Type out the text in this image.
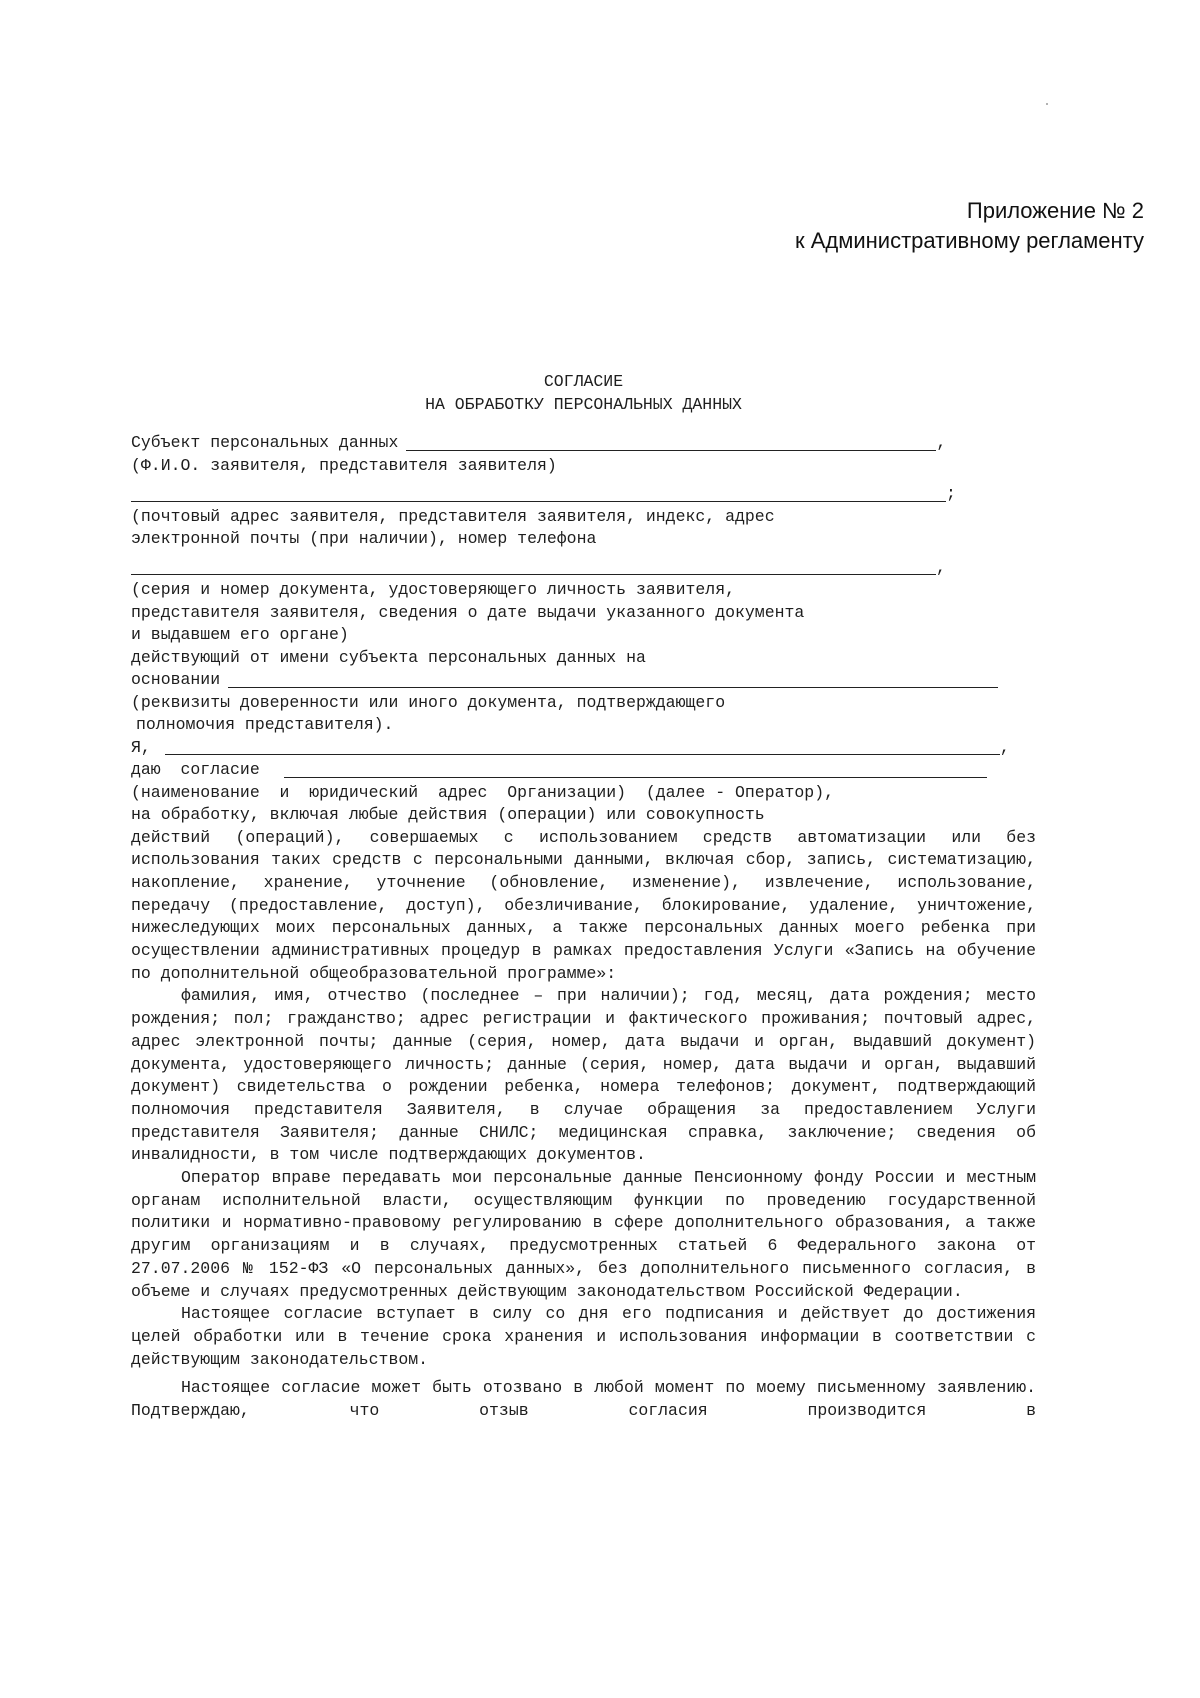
Приложение № 2
к Административному регламенту
СОГЛАСИЕ
НА ОБРАБОТКУ ПЕРСОНАЛЬНЫХ ДАННЫХ
Субъект персональных данных	,
(Ф.И.О. заявителя, представителя заявителя)
;
(почтовый адрес заявителя, представителя заявителя, индекс, адрес
электронной почты (при наличии), номер телефона
,
(серия и номер документа, удостоверяющего личность заявителя,
представителя заявителя, сведения о дате выдачи указанного документа
и выдавшем его органе)
действующий от имени субъекта персональных данных на
основании
(реквизиты доверенности или иного документа, подтверждающего
полномочия представителя).
Я,	,
даю  согласие
(наименование  и  юридический  адрес  Организации)  (далее - Оператор),
на обработку, включая любые действия (операции) или совокупность

действий (операций), совершаемых с использованием средств автоматизации или без использования таких средств с персональными данными, включая сбор, запись, систематизацию, накопление, хранение, уточнение (обновление, изменение), извлечение, использование, передачу (предоставление, доступ), обезличивание, блокирование, удаление, уничтожение, нижеследующих моих персональных данных, а также персональных данных моего ребенка при осуществлении административных процедур в рамках предоставления Услуги «Запись на обучение по дополнительной общеобразовательной программе»:

фамилия, имя, отчество (последнее – при наличии); год, месяц, дата рождения; место рождения; пол; гражданство; адрес регистрации и фактического проживания; почтовый адрес, адрес электронной почты; данные (серия, номер, дата выдачи и орган, выдавший документ) документа, удостоверяющего личность; данные (серия, номер, дата выдачи и орган, выдавший документ) свидетельства о рождении ребенка, номера телефонов; документ, подтверждающий полномочия представителя Заявителя, в случае обращения за предоставлением Услуги представителя Заявителя; данные СНИЛС; медицинская справка, заключение; сведения об инвалидности, в том числе подтверждающих документов.

Оператор вправе передавать мои персональные данные Пенсионному фонду России и местным органам исполнительной власти, осуществляющим функции по проведению государственной политики и нормативно-правовому регулированию в сфере дополнительного образования, а также другим организациям и в случаях, предусмотренных статьей 6 Федерального закона от 27.07.2006 № 152-ФЗ «О персональных данных», без дополнительного письменного согласия, в объеме и случаях предусмотренных действующим законодательством Российской Федерации.

Настоящее согласие вступает в силу со дня его подписания и действует до достижения целей обработки или в течение срока хранения и использования информации в соответствии с действующим законодательством.

Настоящее согласие может быть отозвано в любой момент по моему письменному заявлению. Подтверждаю, что отзыв согласия производится в
